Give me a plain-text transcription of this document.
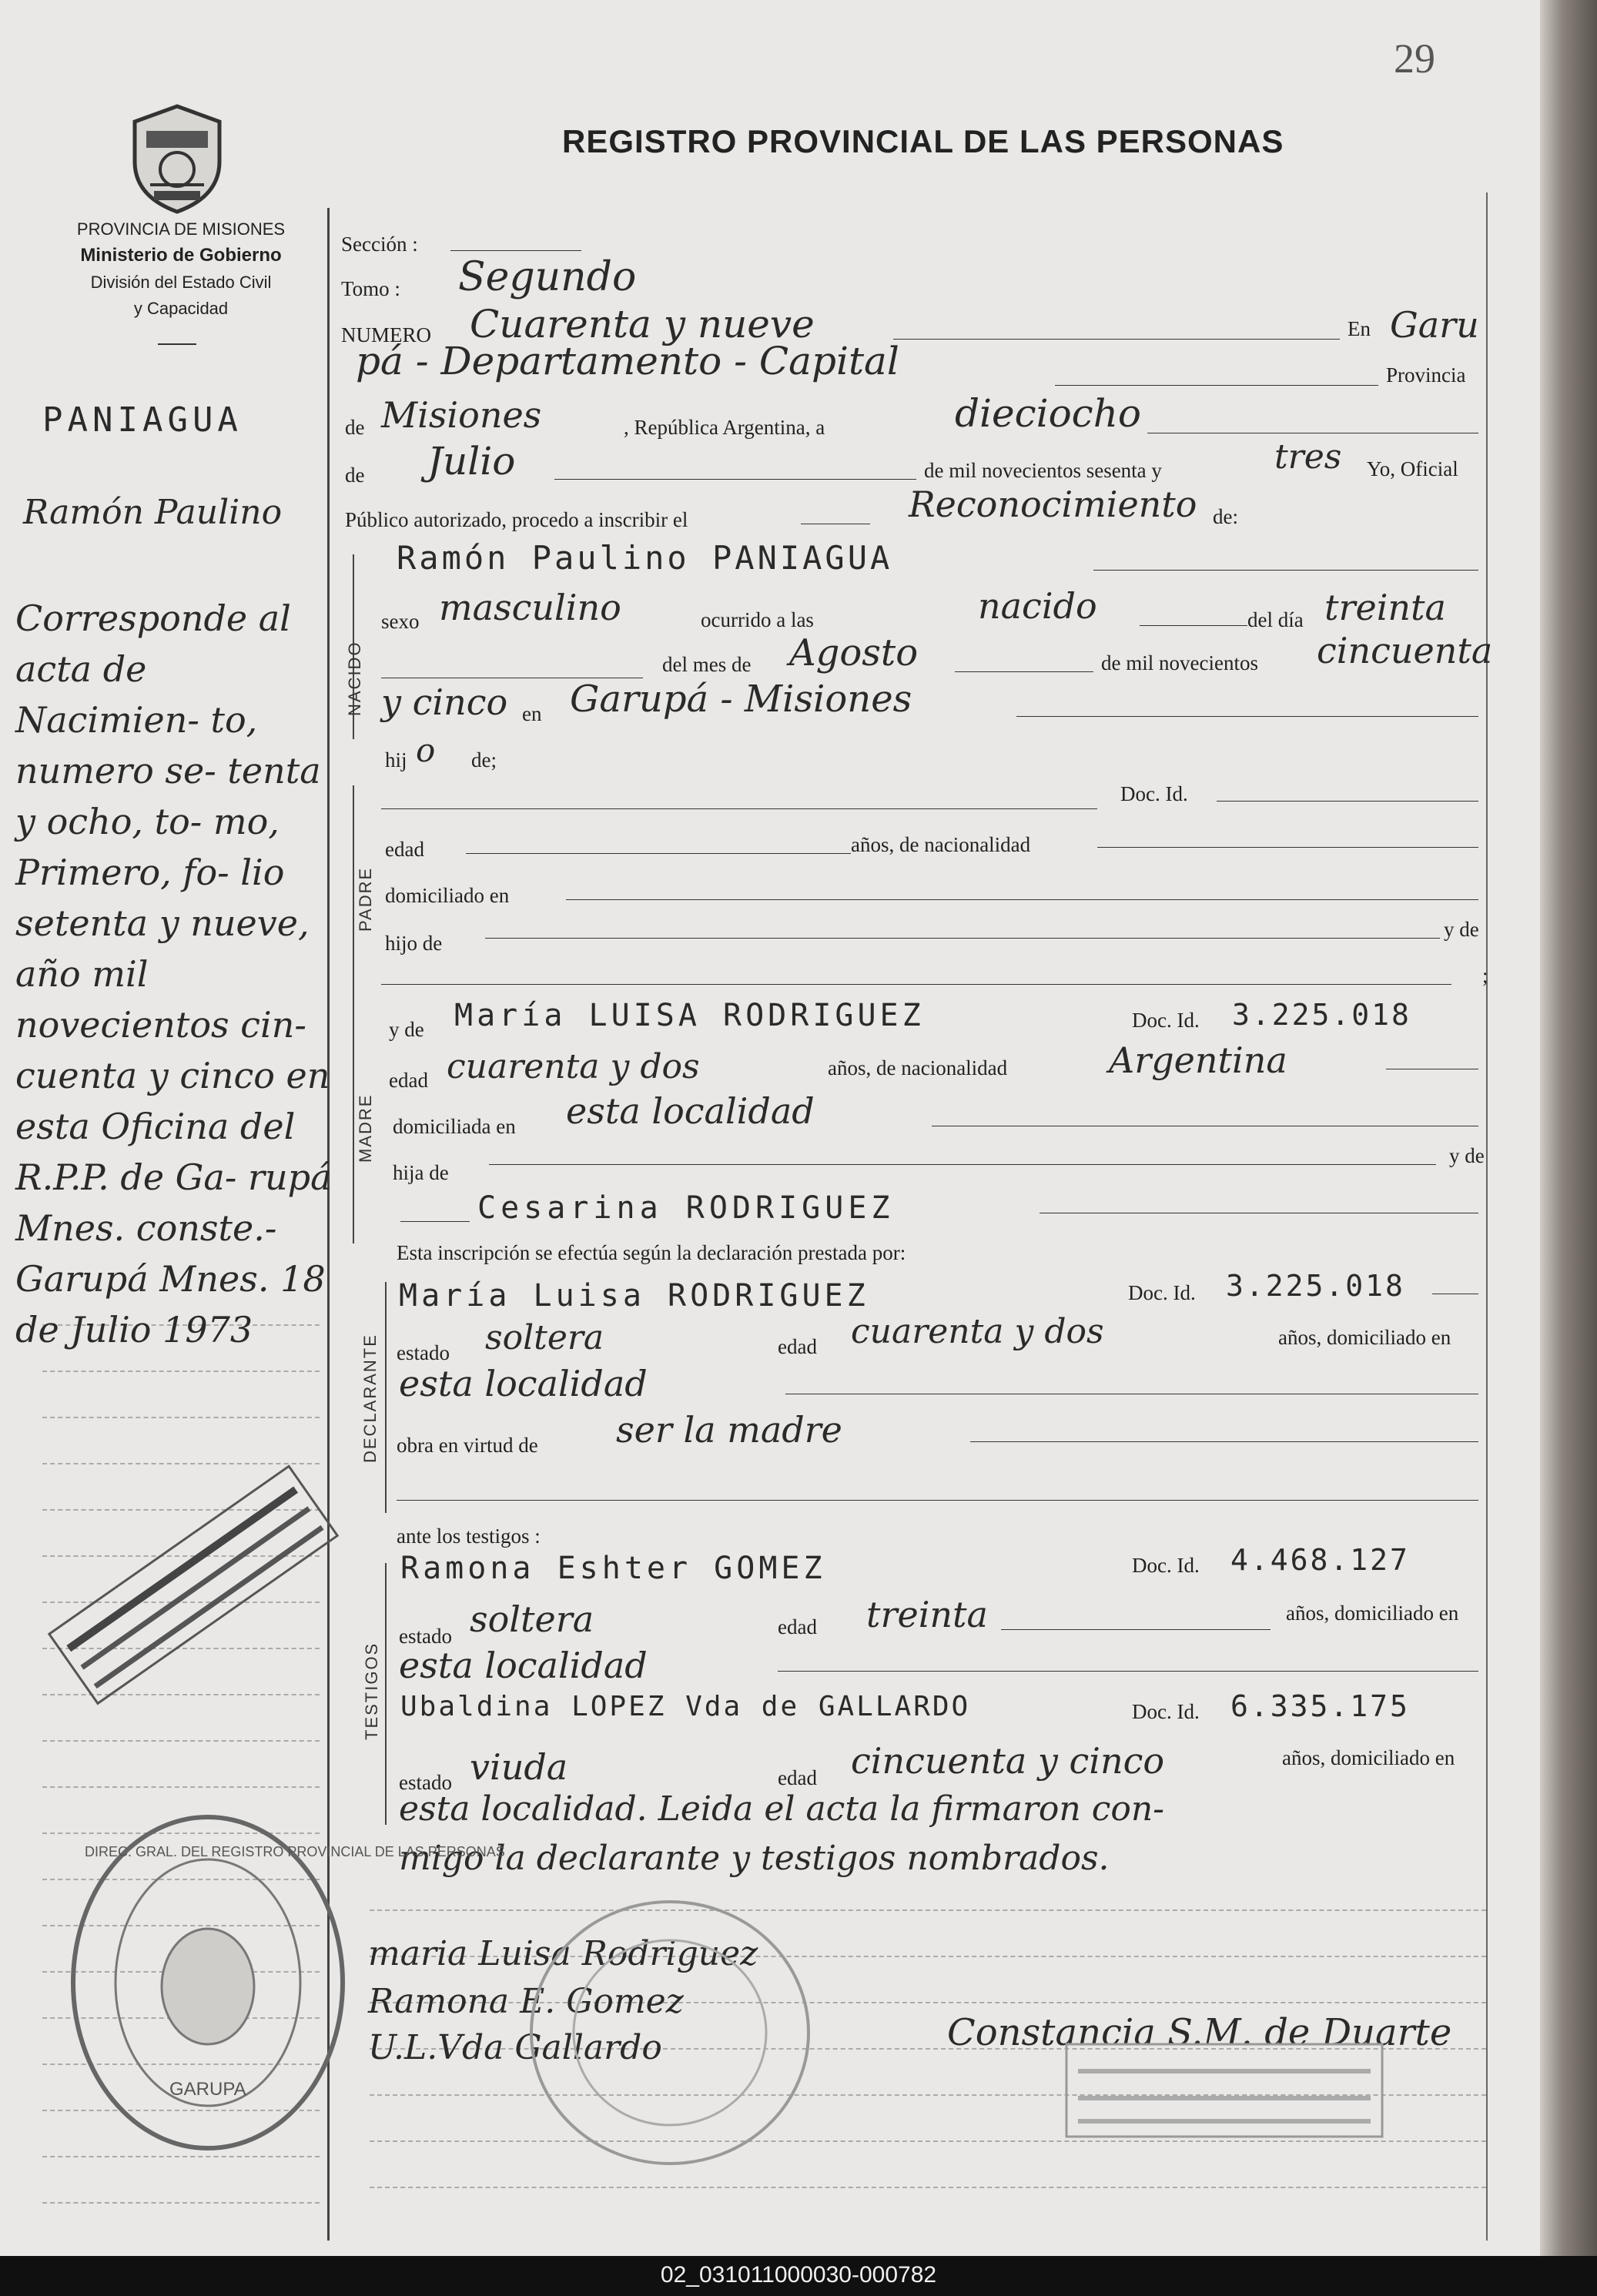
29
REGISTRO PROVINCIAL DE LAS PERSONAS
PROVINCIA DE MISIONES
Ministerio de Gobierno
División del Estado Civil
y Capacidad
PANIAGUA
Ramón Paulino
Corresponde al acta de Nacimien- to, numero se- tenta y ocho, to- mo, Primero, fo- lio setenta y nueve, año mil novecientos cin- cuenta y cinco en esta Oficina del R.P.P. de Ga- rupá Mnes. conste.- Garupá Mnes. 18 de Julio 1973
Sección :
Tomo : Segundo
NUMERO Cuarenta y nueve	En Garu
pá - Departamento - Capital	Provincia
de Misiones	, República Argentina, a	dieciocho
de Julio	de mil novecientos sesenta y	tres Yo, Oficial
Público autorizado, procedo a inscribir el	Reconocimiento de:
NACIDO
Ramón Paulino PANIAGUA
sexo masculino	ocurrido a las	nacido	del día treinta
del mes de Agosto	de mil novecientos cincuenta
y cinco en Garupá - Misiones
hij o de;
PADRE
Doc. Id.
edad	años, de nacionalidad
domiciliado en
hijo de
y de
;
MADRE
y de María LUISA RODRIGUEZ	Doc. Id. 3.225.018
edad cuarenta y dos	años, de nacionalidad	Argentina
domiciliada en esta localidad
hija de
y de
Cesarina RODRIGUEZ
Esta inscripción se efectúa según la declaración prestada por:
DECLARANTE
María Luisa RODRIGUEZ	Doc. Id. 3.225.018
estado soltera	edad cuarenta y dos	años, domiciliado en
esta localidad
obra en virtud de ser la madre
ante los testigos :
TESTIGOS
Ramona Eshter GOMEZ	Doc. Id. 4.468.127
estado soltera	edad treinta	años, domiciliado en
esta localidad
Ubaldina LOPEZ Vda de GALLARDO	Doc. Id. 6.335.175
estado viuda	edad cincuenta y cinco	años, domiciliado en
esta localidad. Leida el acta la firmaron con-
migo la declarante y testigos nombrados.
maria Luisa Rodriguez
Ramona E. Gomez
U.L.Vda Gallardo	Constancia S.M. de Duarte
DIREC. GRAL. DEL REGISTRO PROVINCIAL DE LAS PERSONAS
GARUPA
02_031011000030-000782
